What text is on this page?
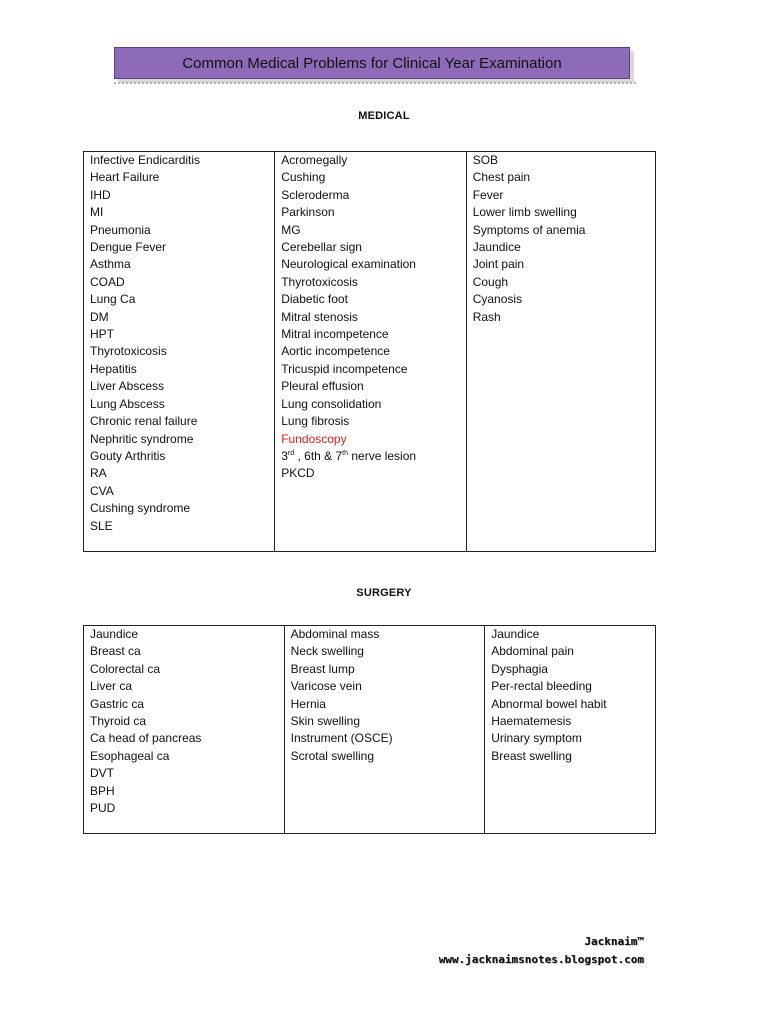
Common Medical Problems for Clinical Year Examination
MEDICAL
Infective Endicarditis
Heart Failure
IHD
MI
Pneumonia
Dengue Fever
Asthma
COAD
Lung Ca
DM
HPT
Thyrotoxicosis
Hepatitis
Liver Abscess
Lung Abscess
Chronic renal failure
Nephritic syndrome
Gouty Arthritis
RA
CVA
Cushing syndrome
SLE

Acromegally
Cushing
Scleroderma
Parkinson
MG
Cerebellar sign
Neurological examination
Thyrotoxicosis
Diabetic foot
Mitral stenosis
Mitral incompetence
Aortic incompetence
Tricuspid incompetence
Pleural effusion
Lung consolidation
Lung fibrosis
Fundoscopy
3rd , 6th & 7th nerve lesion
PKCD

SOB
Chest pain
Fever
Lower limb swelling
Symptoms of anemia
Jaundice
Joint pain
Cough
Cyanosis
Rash
SURGERY
Jaundice
Breast ca
Colorectal ca
Liver ca
Gastric ca
Thyroid ca
Ca head of pancreas
Esophageal ca
DVT
BPH
PUD

Abdominal mass
Neck swelling
Breast lump
Varicose vein
Hernia
Skin swelling
Instrument (OSCE)
Scrotal swelling

Jaundice
Abdominal pain
Dysphagia
Per-rectal bleeding
Abnormal bowel habit
Haematemesis
Urinary symptom
Breast swelling
Jacknaim™
www.jacknaimsnotes.blogspot.com
